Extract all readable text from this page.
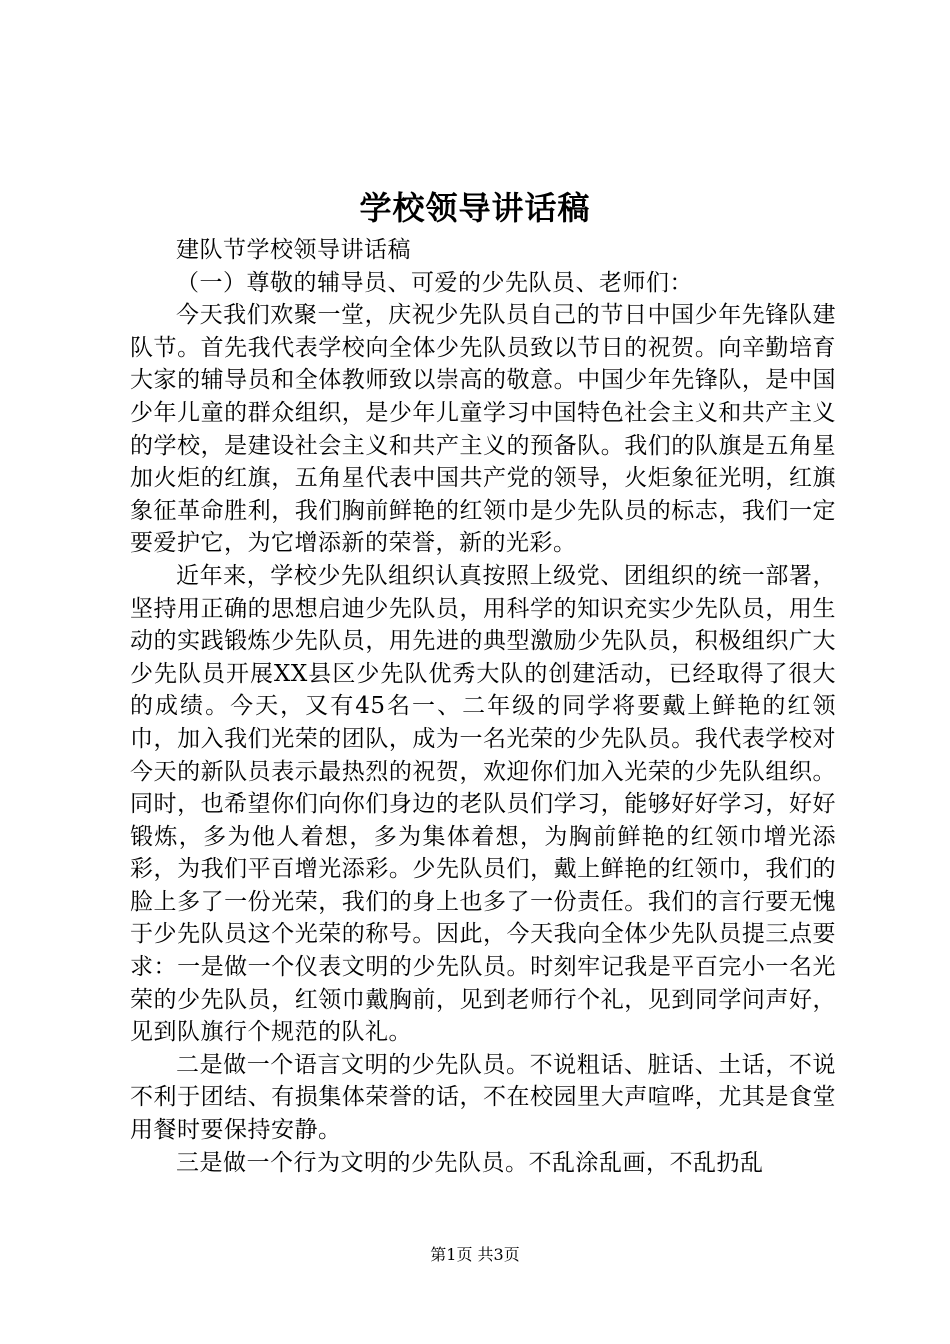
学校领导讲话稿

建队节学校领导讲话稿

（一）尊敬的辅导员、可爱的少先队员、老师们：

今天我们欢聚一堂，庆祝少先队员自己的节日中国少年先锋队建队节。首先我代表学校向全体少先队员致以节日的祝贺。向辛勤培育大家的辅导员和全体教师致以崇高的敬意。中国少年先锋队，是中国少年儿童的群众组织，是少年儿童学习中国特色社会主义和共产主义的学校，是建设社会主义和共产主义的预备队。我们的队旗是五角星加火炬的红旗，五角星代表中国共产党的领导，火炬象征光明，红旗象征革命胜利，我们胸前鲜艳的红领巾是少先队员的标志，我们一定要爱护它，为它增添新的荣誉，新的光彩。

近年来，学校少先队组织认真按照上级党、团组织的统一部署，坚持用正确的思想启迪少先队员，用科学的知识充实少先队员，用生动的实践锻炼少先队员，用先进的典型激励少先队员，积极组织广大少先队员开展XX县区少先队优秀大队的创建活动，已经取得了很大的成绩。今天，又有45名一、二年级的同学将要戴上鲜艳的红领巾，加入我们光荣的团队，成为一名光荣的少先队员。我代表学校对今天的新队员表示最热烈的祝贺，欢迎你们加入光荣的少先队组织。同时，也希望你们向你们身边的老队员们学习，能够好好学习，好好锻炼，多为他人着想，多为集体着想，为胸前鲜艳的红领巾增光添彩，为我们平百增光添彩。少先队员们，戴上鲜艳的红领巾，我们的脸上多了一份光荣，我们的身上也多了一份责任。我们的言行要无愧于少先队员这个光荣的称号。因此，今天我向全体少先队员提三点要求：一是做一个仪表文明的少先队员。时刻牢记我是平百完小一名光荣的少先队员，红领巾戴胸前，见到老师行个礼，见到同学问声好，见到队旗行个规范的队礼。

二是做一个语言文明的少先队员。不说粗话、脏话、土话，不说不利于团结、有损集体荣誉的话，不在校园里大声喧哗，尤其是食堂用餐时要保持安静。

三是做一个行为文明的少先队员。不乱涂乱画，不乱扔乱

第1页 共3页
